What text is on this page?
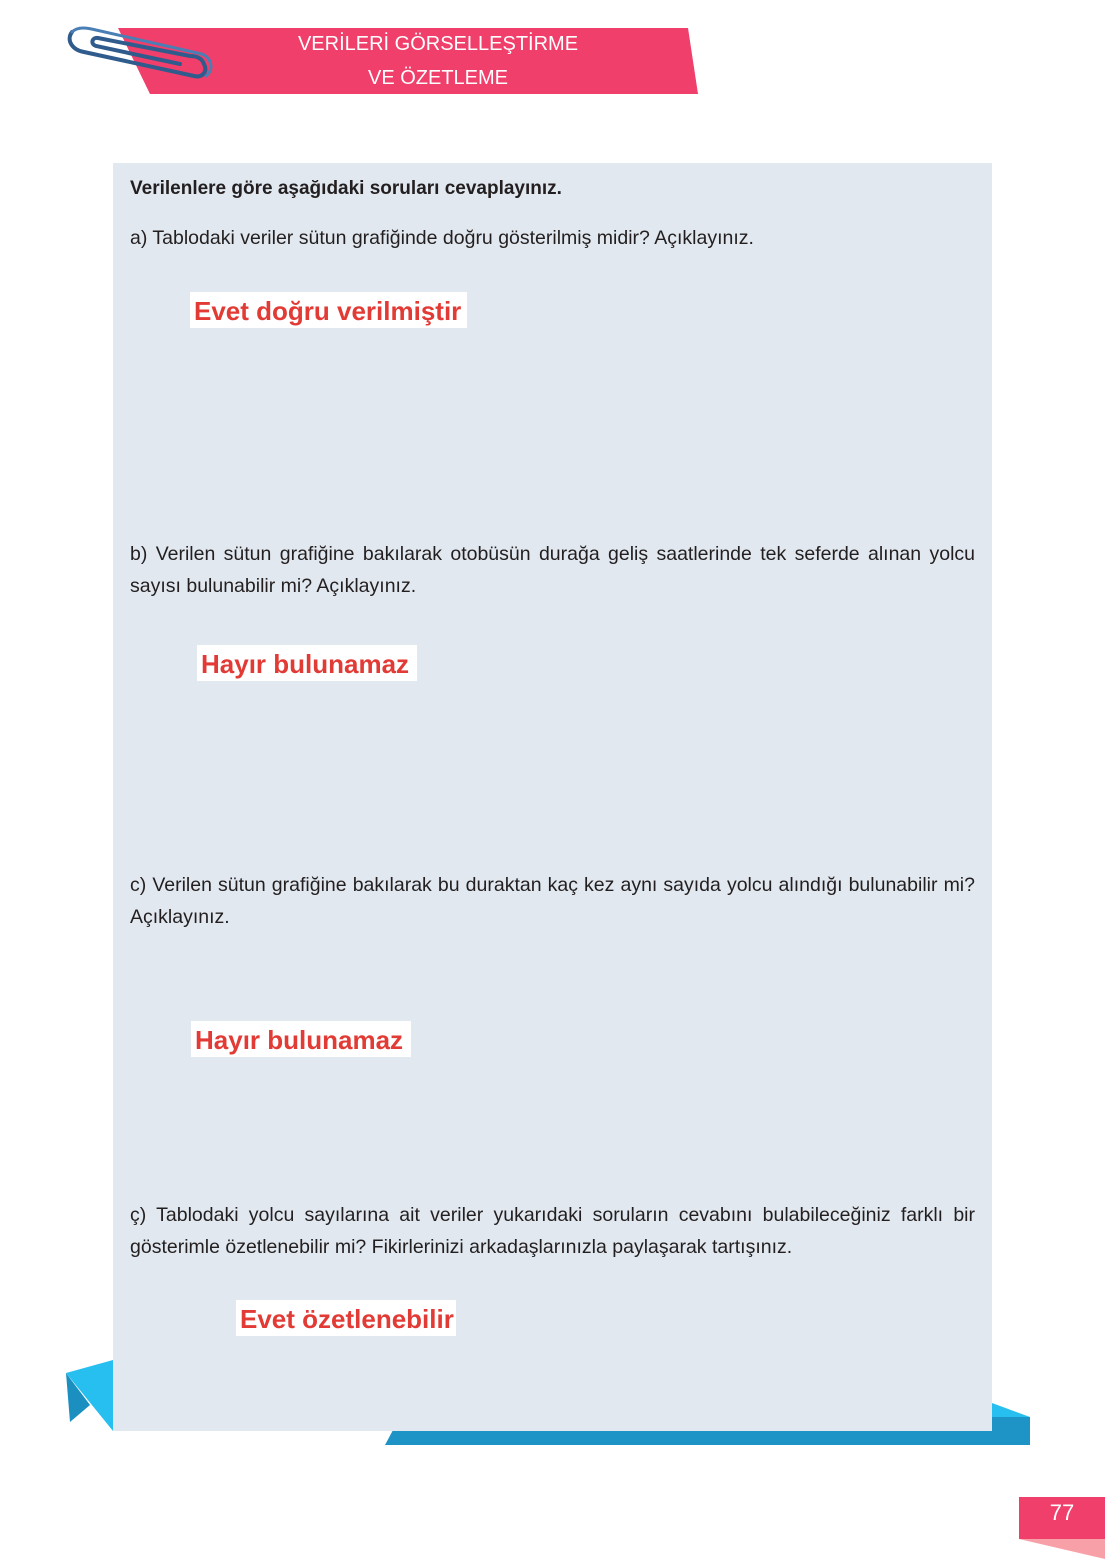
VERİLERİ GÖRSELLEŞTİRME
VE ÖZETLEME
Verilenlere göre aşağıdaki soruları cevaplayınız.
a) Tablodaki veriler sütun grafiğinde doğru gösterilmiş midir? Açıklayınız.
Evet doğru verilmiştir
b) Verilen sütun grafiğine bakılarak otobüsün durağa geliş saatlerinde tek seferde alınan yolcu sayısı bulunabilir mi? Açıklayınız.
Hayır bulunamaz
c) Verilen sütun grafiğine bakılarak bu duraktan kaç kez aynı sayıda yolcu alındığı bulunabilir mi? Açıklayınız.
Hayır bulunamaz
ç) Tablodaki yolcu sayılarına ait veriler yukarıdaki soruların cevabını bulabileceğiniz farklı bir gösterimle özetlenebilir mi? Fikirlerinizi arkadaşlarınızla paylaşarak tartışınız.
Evet özetlenebilir
77
